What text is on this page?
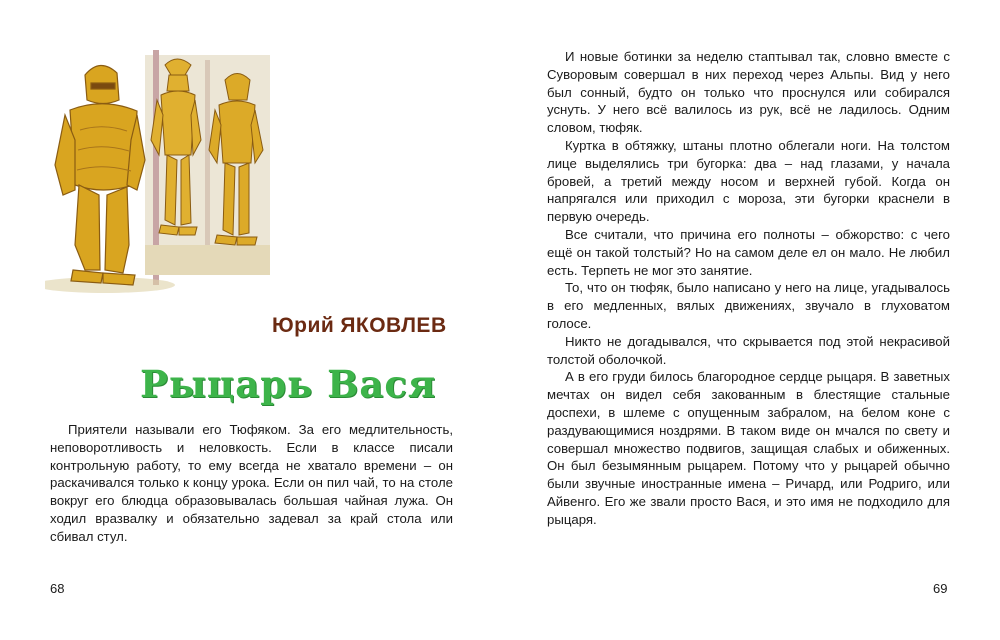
Юрий ЯКОВЛЕВ
Рыцарь Вася

Приятели называли его Тюфяком. За его медлительность, неповоротливость и неловкость. Если в классе писали контрольную работу, то ему всегда не хватало времени – он раскачивался только к концу урока. Если он пил чай, то на столе вокруг его блюдца образовывалась большая чайная лужа. Он ходил вразвалку и обязательно задевал за край стола или сбивал стул.

68

И новые ботинки за неделю стаптывал так, словно вместе с Суворовым совершал в них переход через Альпы. Вид у него был сонный, будто он только что проснулся или собирался уснуть. У него всё валилось из рук, всё не ладилось. Одним словом, тюфяк.

Куртка в обтяжку, штаны плотно облегали ноги. На толстом лице выделялись три бугорка: два – над глазами, у начала бровей, а третий между носом и верхней губой. Когда он напрягался или приходил с мороза, эти бугорки краснели в первую очередь.

Все считали, что причина его полноты – обжорство: с чего ещё он такой толстый? Но на самом деле ел он мало. Не любил есть. Терпеть не мог это занятие.

То, что он тюфяк, было написано у него на лице, угадывалось в его медленных, вялых движениях, звучало в глуховатом голосе.

Никто не догадывался, что скрывается под этой некрасивой толстой оболочкой.

А в его груди билось благородное сердце рыцаря. В заветных мечтах он видел себя закованным в блестящие стальные доспехи, в шлеме с опущенным забралом, на белом коне с раздувающимися ноздрями. В таком виде он мчался по свету и совершал множество подвигов, защищая слабых и обиженных. Он был безымянным рыцарем. Потому что у рыцарей обычно были звучные иностранные имена – Ричард, или Родриго, или Айвенго. Его же звали просто Вася, и это имя не подходило для рыцаря.

69
